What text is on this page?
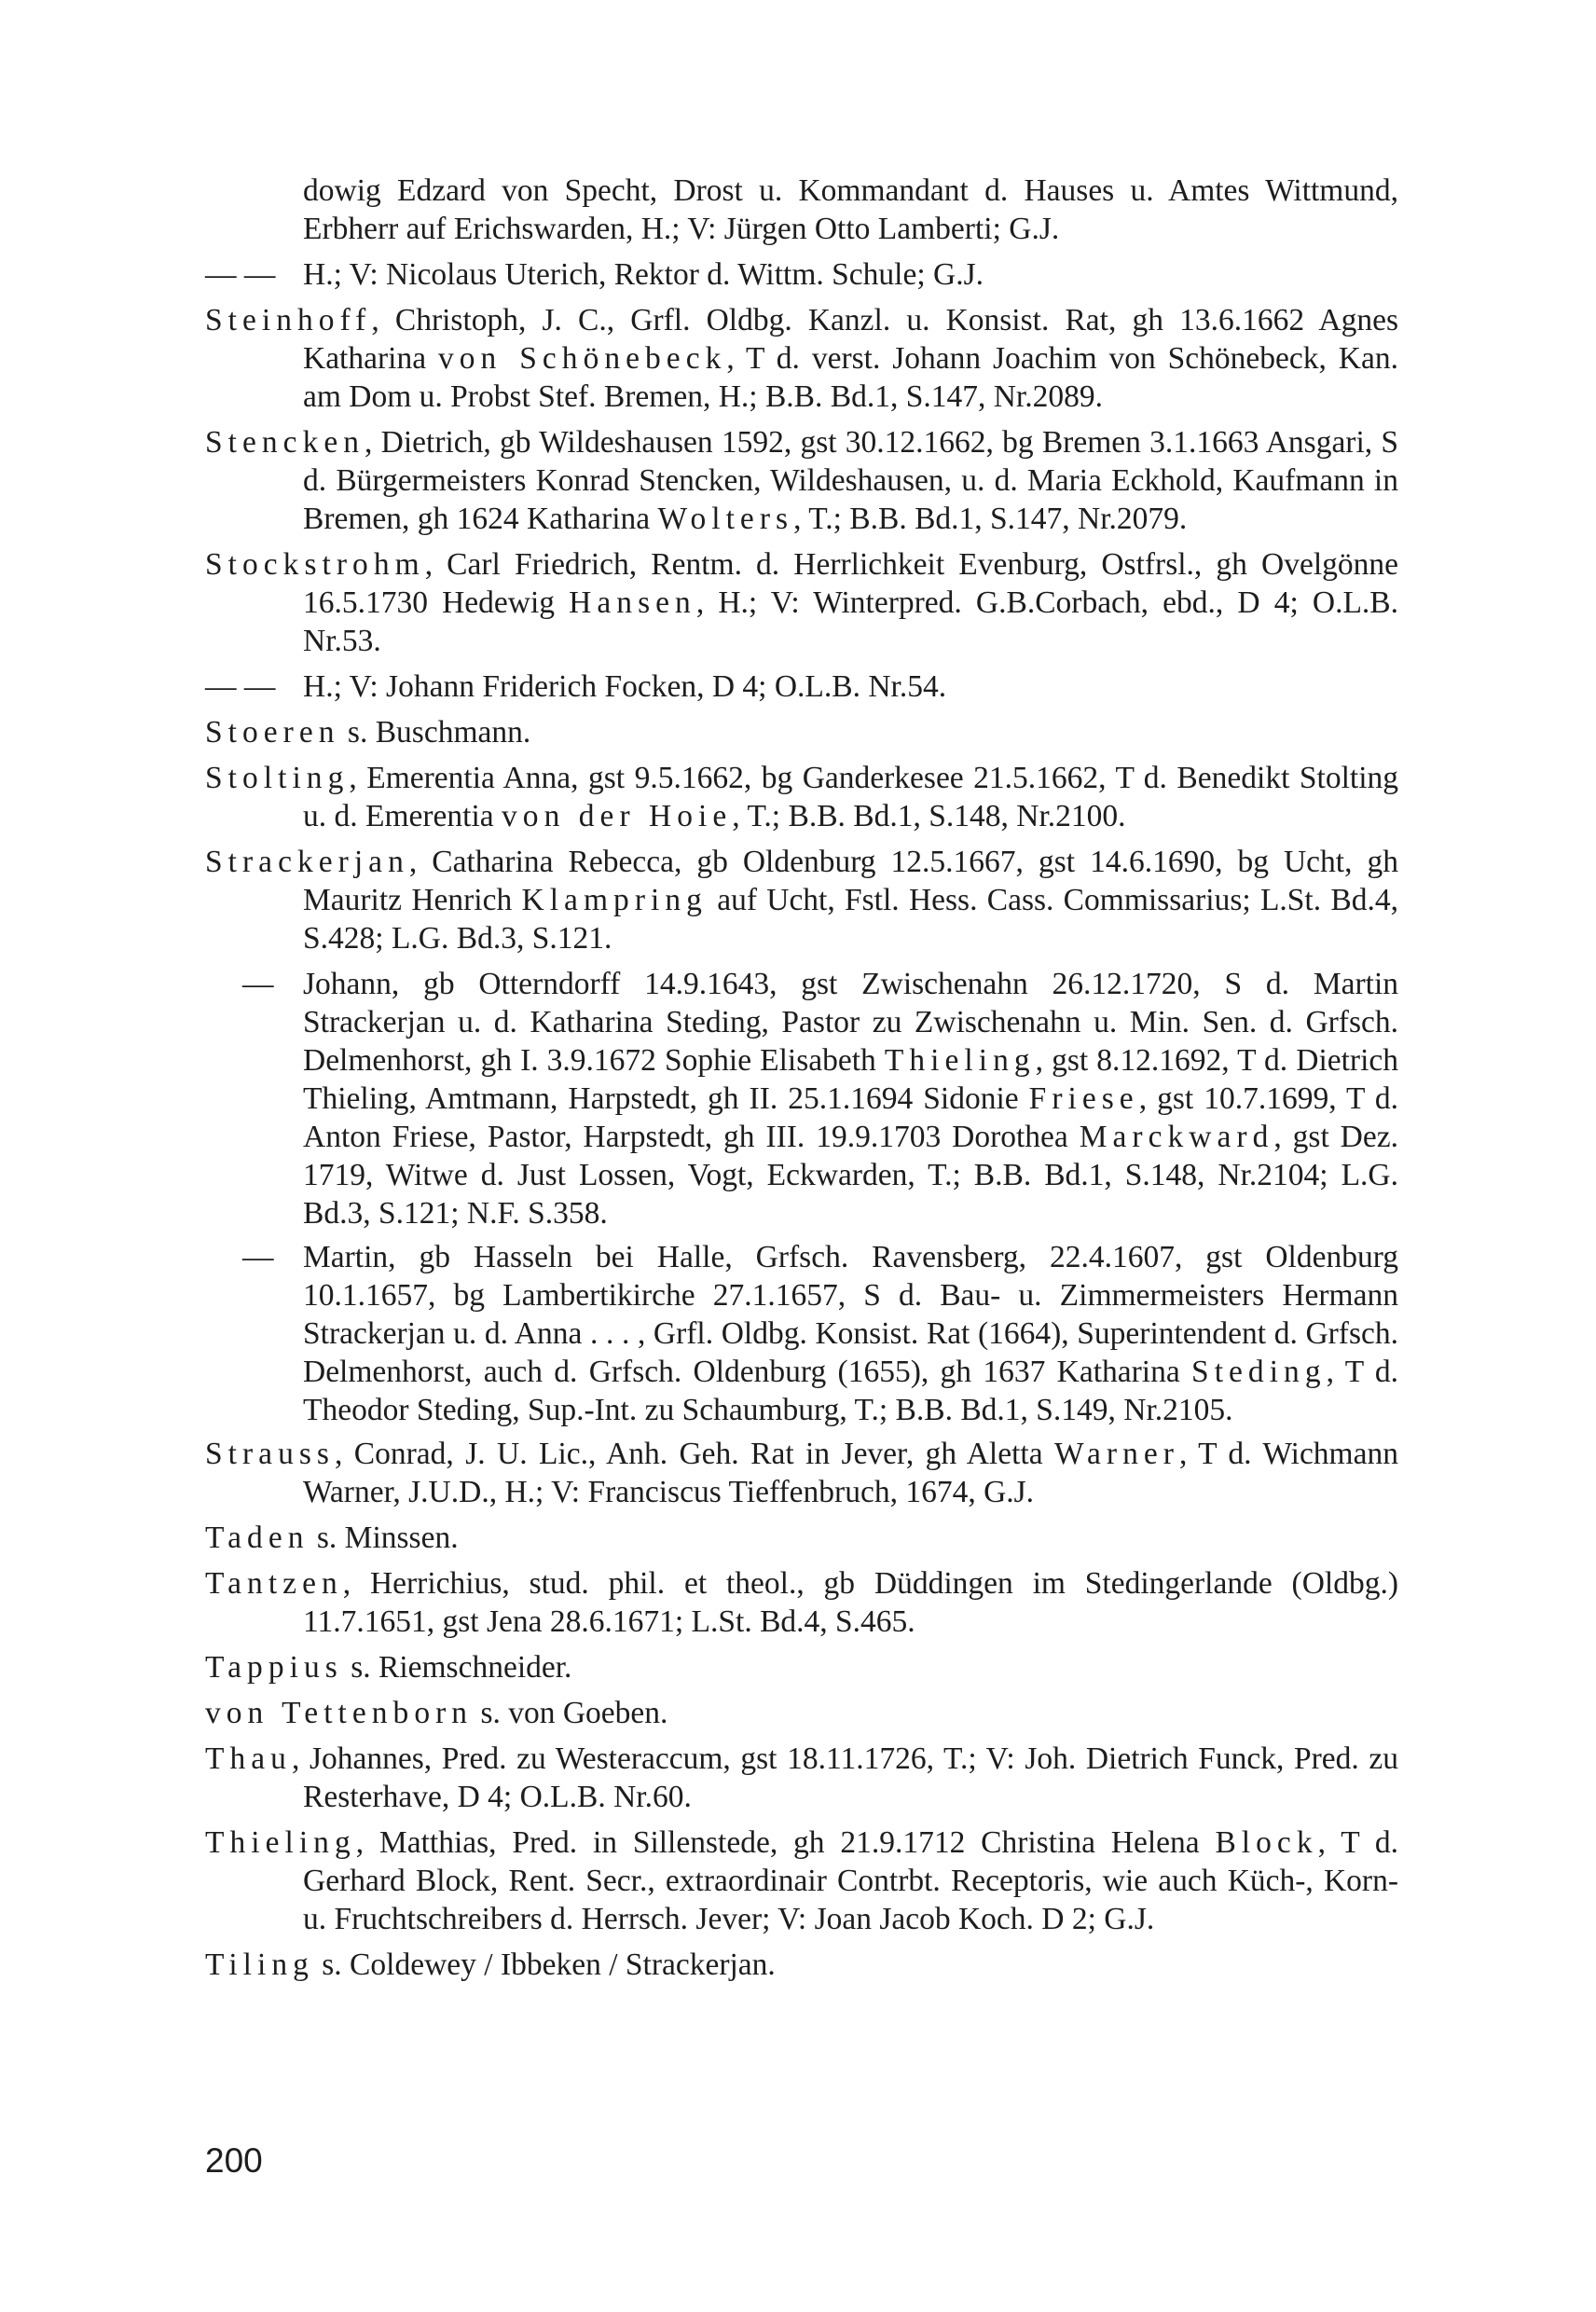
dowig Edzard von Specht, Drost u. Kommandant d. Hauses u. Amtes Wittmund, Erbherr auf Erichswarden, H.; V: Jürgen Otto Lamberti; G.J.

— — H.; V: Nicolaus Uterich, Rektor d. Wittm. Schule; G.J.

Steinhoff, Christoph, J. C., Grfl. Oldbg. Kanzl. u. Konsist. Rat, gh 13.6.1662 Agnes Katharina von Schönebeck, T d. verst. Johann Joachim von Schönebeck, Kan. am Dom u. Probst Stef. Bremen, H.; B.B. Bd.1, S.147, Nr.2089.

Stencken, Dietrich, gb Wildeshausen 1592, gst 30.12.1662, bg Bremen 3.1.1663 Ansgari, S d. Bürgermeisters Konrad Stencken, Wildeshausen, u. d. Maria Eckhold, Kaufmann in Bremen, gh 1624 Katharina Wolters, T.; B.B. Bd.1, S.147, Nr.2079.

Stockstrohm, Carl Friedrich, Rentm. d. Herrlichkeit Evenburg, Ostfrsl., gh Ovelgönne 16.5.1730 Hedewig Hansen, H.; V: Winterpred. G.B.Corbach, ebd., D 4; O.L.B. Nr.53.

— — H.; V: Johann Friderich Focken, D 4; O.L.B. Nr.54.

Stoeren s. Buschmann.

Stolting, Emerentia Anna, gst 9.5.1662, bg Ganderkesee 21.5.1662, T d. Benedikt Stolting u. d. Emerentia von der Hoie, T.; B.B. Bd.1, S.148, Nr.2100.

Strackerjan, Catharina Rebecca, gb Oldenburg 12.5.1667, gst 14.6.1690, bg Ucht, gh Mauritz Henrich Klampring auf Ucht, Fstl. Hess. Cass. Commissarius; L.St. Bd.4, S.428; L.G. Bd.3, S.121.

— Johann, gb Otterndorff 14.9.1643, gst Zwischenahn 26.12.1720, S d. Martin Strackerjan u. d. Katharina Steding, Pastor zu Zwischenahn u. Min. Sen. d. Grfsch. Delmenhorst, gh I. 3.9.1672 Sophie Elisabeth Thieling, gst 8.12.1692, T d. Dietrich Thieling, Amtmann, Harpstedt, gh II. 25.1.1694 Sidonie Friese, gst 10.7.1699, T d. Anton Friese, Pastor, Harpstedt, gh III. 19.9.1703 Dorothea Marckward, gst Dez. 1719, Witwe d. Just Lossen, Vogt, Eckwarden, T.; B.B. Bd.1, S.148, Nr.2104; L.G. Bd.3, S.121; N.F. S.358.

— Martin, gb Hasseln bei Halle, Grfsch. Ravensberg, 22.4.1607, gst Oldenburg 10.1.1657, bg Lambertikirche 27.1.1657, S d. Bau- u. Zimmermeisters Hermann Strackerjan u. d. Anna . . . , Grfl. Oldbg. Konsist. Rat (1664), Superintendent d. Grfsch. Delmenhorst, auch d. Grfsch. Oldenburg (1655), gh 1637 Katharina Steding, T d. Theodor Steding, Sup.-Int. zu Schaumburg, T.; B.B. Bd.1, S.149, Nr.2105.

Strauss, Conrad, J. U. Lic., Anh. Geh. Rat in Jever, gh Aletta Warner, T d. Wichmann Warner, J.U.D., H.; V: Franciscus Tieffenbruch, 1674, G.J.

Taden s. Minssen.

Tantzen, Herrichius, stud. phil. et theol., gb Düddingen im Stedingerlande (Oldbg.) 11.7.1651, gst Jena 28.6.1671; L.St. Bd.4, S.465.

Tappius s. Riemschneider.

von Tettenborn s. von Goeben.

Thau, Johannes, Pred. zu Westeraccum, gst 18.11.1726, T.; V: Joh. Dietrich Funck, Pred. zu Resterhave, D 4; O.L.B. Nr.60.

Thieling, Matthias, Pred. in Sillenstede, gh 21.9.1712 Christina Helena Block, T d. Gerhard Block, Rent. Secr., extraordinair Contrbt. Receptoris, wie auch Küch-, Korn- u. Fruchtschreibers d. Herrsch. Jever; V: Joan Jacob Koch. D 2; G.J.

Tiling s. Coldewey / Ibbeken / Strackerjan.

200
